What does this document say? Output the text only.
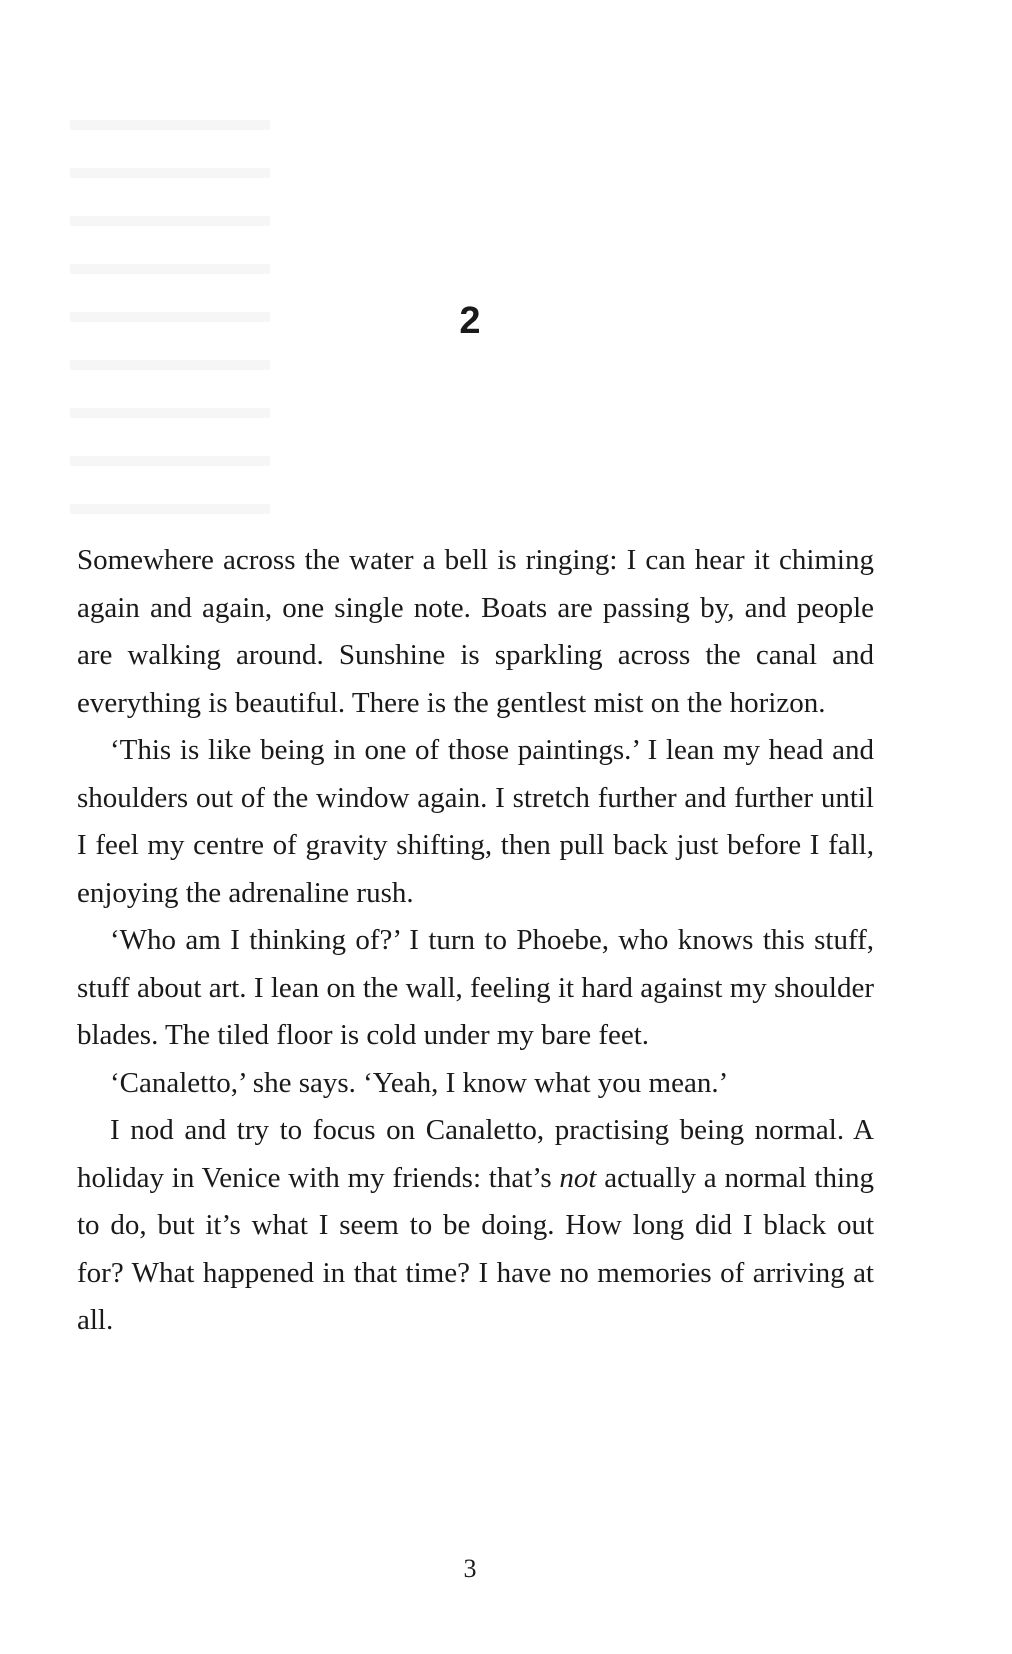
2

Somewhere across the water a bell is ringing: I can hear it chiming again and again, one single note. Boats are passing by, and people are walking around. Sunshine is sparkling across the canal and everything is beautiful. There is the gentlest mist on the horizon.

‘This is like being in one of those paintings.’ I lean my head and shoulders out of the window again. I stretch further and further until I feel my centre of gravity shifting, then pull back just before I fall, enjoying the adrenaline rush.

‘Who am I thinking of?’ I turn to Phoebe, who knows this stuff, stuff about art. I lean on the wall, feeling it hard against my shoulder blades. The tiled floor is cold under my bare feet.

‘Canaletto,’ she says. ‘Yeah, I know what you mean.’

I nod and try to focus on Canaletto, practising being normal. A holiday in Venice with my friends: that’s not actually a normal thing to do, but it’s what I seem to be doing. How long did I black out for? What happened in that time? I have no memories of arriving at all.

3
